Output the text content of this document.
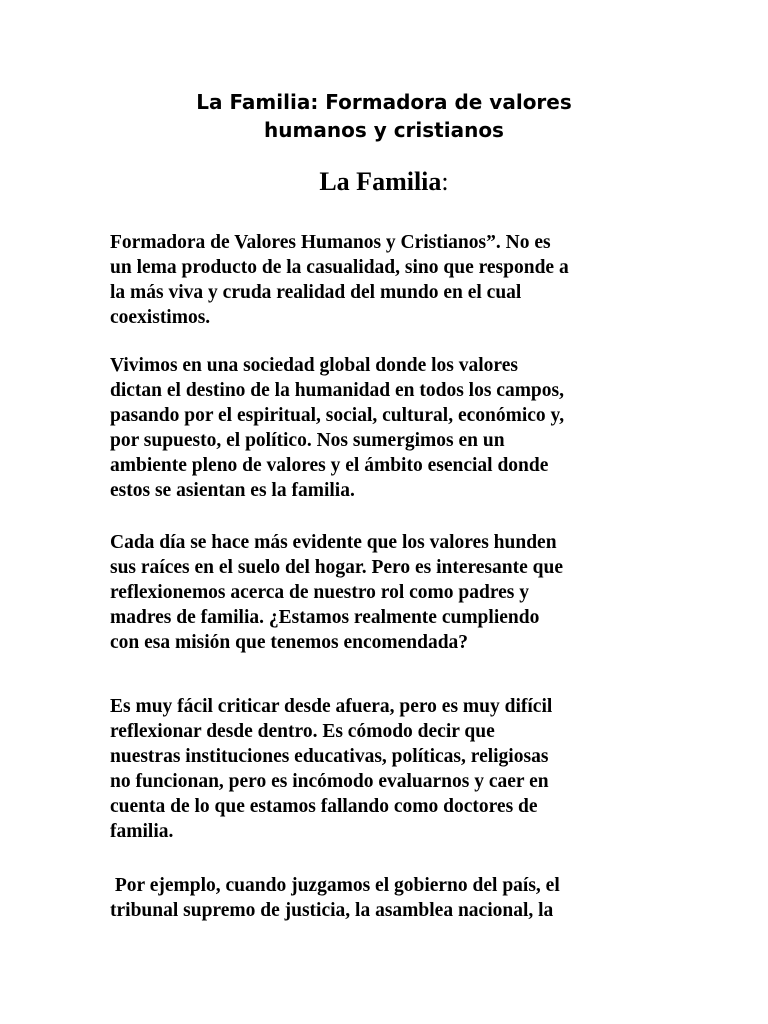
La Familia: Formadora de valores
humanos y cristianos
La Familia:

Formadora de Valores Humanos y Cristianos”. No es
un lema producto de la casualidad, sino que responde a
la más viva y cruda realidad del mundo en el cual
coexistimos.

Vivimos en una sociedad global donde los valores
dictan el destino de la humanidad en todos los campos,
pasando por el espiritual, social, cultural, económico y,
por supuesto, el político. Nos sumergimos en un
ambiente pleno de valores y el ámbito esencial donde
estos se asientan es la familia.

Cada día se hace más evidente que los valores hunden
sus raíces en el suelo del hogar. Pero es interesante que
reflexionemos acerca de nuestro rol como padres y
madres de familia. ¿Estamos realmente cumpliendo
con esa misión que tenemos encomendada?

Es muy fácil criticar desde afuera, pero es muy difícil
reflexionar desde dentro. Es cómodo decir que
nuestras instituciones educativas, políticas, religiosas
no funcionan, pero es incómodo evaluarnos y caer en
cuenta de lo que estamos fallando como doctores de
familia.

Por ejemplo, cuando juzgamos el gobierno del país, el
tribunal supremo de justicia, la asamblea nacional, la
